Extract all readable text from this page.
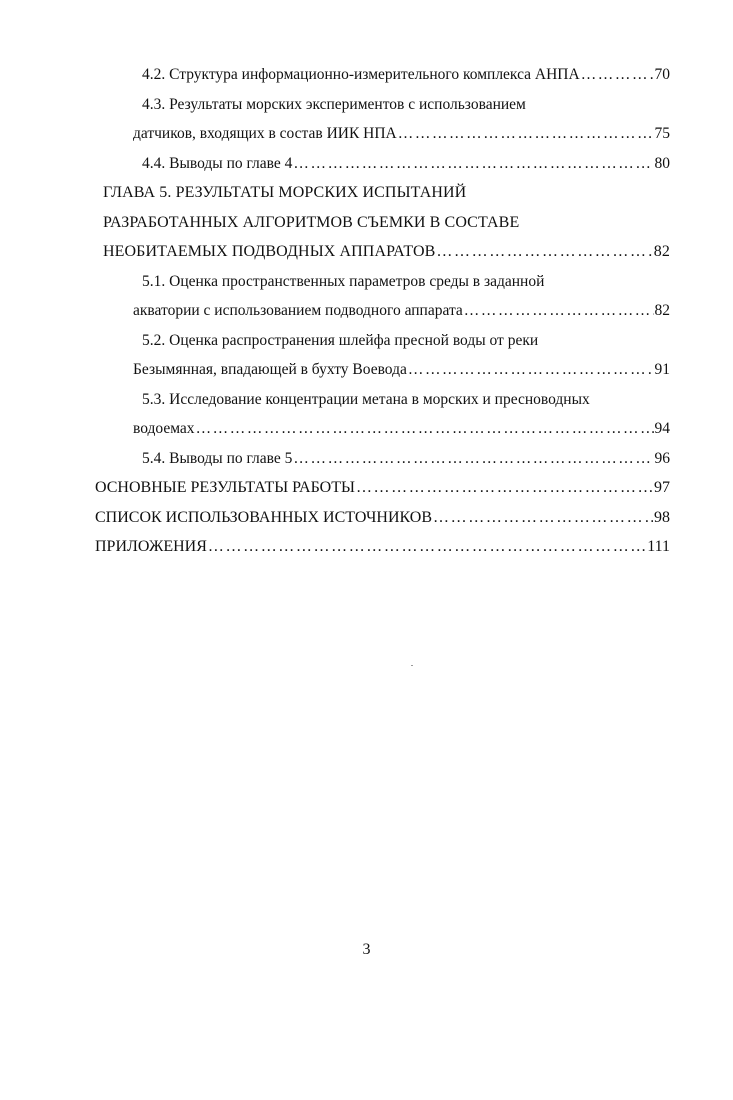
4.2. Структура информационно-измерительного комплекса АНПА ………………………………………………………………………………………………………………………………………………………………	70
4.3. Результаты морских экспериментов с использованием
датчиков, входящих в состав ИИК НПА ………………………………………………………………………………………………………………………………………………………………	75
4.4. Выводы по главе 4 ………………………………………………………………………………………………………………………………………………………………	80
ГЛАВА 5. РЕЗУЛЬТАТЫ МОРСКИХ ИСПЫТАНИЙ
РАЗРАБОТАННЫХ АЛГОРИТМОВ СЪЕМКИ В СОСТАВЕ
НЕОБИТАЕМЫХ ПОДВОДНЫХ АППАРАТОВ ………………………………………………………………………………………………………………………………………………………………	82
5.1. Оценка пространственных параметров среды в заданной
акватории с использованием подводного аппарата ………………………………………………………………………………………………………………………………………………………………	82
5.2. Оценка распространения шлейфа пресной воды от реки
Безымянная, впадающей в бухту Воевода ………………………………………………………………………………………………………………………………………………………………	91
5.3. Исследование концентрации метана в морских и пресноводных
водоемах ………………………………………………………………………………………………………………………………………………………………	94
5.4. Выводы по главе 5 ………………………………………………………………………………………………………………………………………………………………	96
ОСНОВНЫЕ РЕЗУЛЬТАТЫ РАБОТЫ ………………………………………………………………………………………………………………………………………………………………	97
СПИСОК ИСПОЛЬЗОВАННЫХ ИСТОЧНИКОВ ………………………………………………………………………………………………………………………………………………………………	98
ПРИЛОЖЕНИЯ ………………………………………………………………………………………………………………………………………………………………	111
3
